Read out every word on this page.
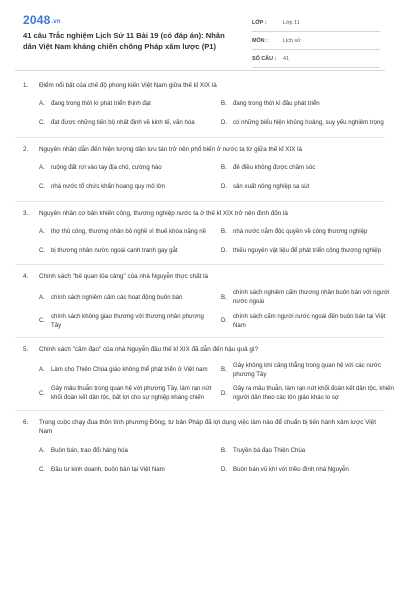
2048.vn
41 câu Trắc nghiệm Lịch Sử 11 Bài 19 (có đáp án): Nhân dân Việt Nam kháng chiến chống Pháp xâm lược (P1)
LỚP :	Lớp 11
MÔN :	Lịch sử
SỐ CÂU :	41
1.	Điểm nổi bật của chế độ phong kiến Việt Nam giữa thế kỉ XIX là
A.	đang trong thời kì phát triển thịnh đạt	B.	đang trong thời kì đầu phát triển
C. đạt được những tiến bộ nhất định về kinh tế, văn hóa	D. có những biểu hiện khủng hoảng, suy yếu nghiêm trọng
2.	Nguyên nhân dẫn đến hiện tượng dân lưu tán trở nên phổ biến ở nước ta từ giữa thế kỉ XIX là
A.	ruộng đất rơi vào tay địa chủ, cường hào	B.	đê điều không được chăm sóc
C. nhà nước tổ chức khẩn hoang quy mô lớn	D. sản xuất nông nghiệp sa sút
3.	Nguyên nhân cơ bản khiến công, thương nghiệp nước ta ở thế kỉ XIX trở nên đình đốn là
A.	thợ thủ công, thương nhân bỏ nghề vì thuế khóa nặng nề	B.	nhà nước nắm độc quyền về công thương nghiệp
C. bị thương nhân nước ngoài cạnh tranh gay gắt	D. thiếu nguyên vật liệu để phát triển công thương nghiệp
4.	Chính sách "bế quan tỏa cảng" của nhà Nguyễn thực chất là
A.	chính sách nghiêm cấm các hoạt động buôn bán	B.
chính sách nghiêm cấm thương nhân buôn bán với người nước ngoài
C.
chính sách không giao thương với thương nhân phương Tây
D.
chính sách cấm người nước ngoài đến buôn bán tại Việt Nam
5.	Chính sách "cấm đạo" của nhà Nguyễn đầu thế kỉ XIX đã dẫn đến hậu quả gì?
A.	Làm cho Thiên Chúa giáo không thể phát triển ở Việt nam	B.
Gây không khí căng thẳng trong quan hệ với các nước phương Tây
C.
Gây mâu thuẫn trong quan hệ với phương Tây, làm rạn nứt khối đoàn kết dân tộc, bất lợi cho sự nghiệp kháng chiến
D.
Gây ra mâu thuẫn, làm rạn nứt khối đoàn kết dân tộc, khiến người dân theo các tôn giáo khác lo sợ
6.	Trong cuộc chạy đua thôn tính phương Đông, tư bản Pháp đã lợi dụng việc làm nào để chuẩn bị tiến hành xâm lược Việt Nam
A.	Buôn bán, trao đổi hàng hóa	B.	Truyền bá đạo Thiên Chúa
C. Đầu tư kinh doanh, buôn bán tại Việt Nam	D. Buôn bán vũ khí với triều đình nhà Nguyễn
